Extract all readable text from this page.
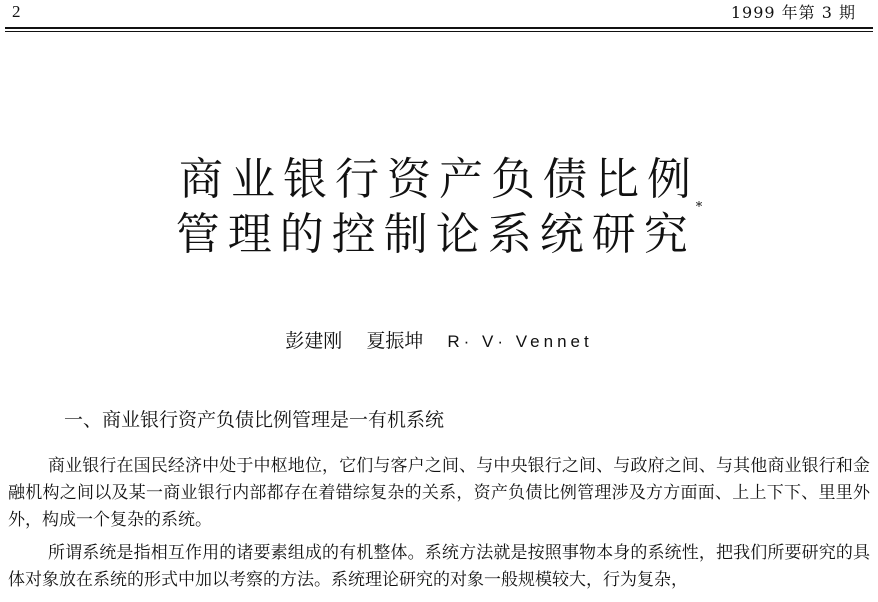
2	1999 年第 3 期
商业银行资产负债比例
管理的控制论系统研究*
彭建刚 夏振坤 R· V· Vennet
一、商业银行资产负债比例管理是一有机系统

商业银行在国民经济中处于中枢地位，它们与客户之间、与中央银行之间、与政府之间、与其他商业银行和金融机构之间以及某一商业银行内部都存在着错综复杂的关系，资产负债比例管理涉及方方面面、上上下下、里里外外，构成一个复杂的系统。

所谓系统是指相互作用的诸要素组成的有机整体。系统方法就是按照事物本身的系统性，把我们所要研究的具体对象放在系统的形式中加以考察的方法。系统理论研究的对象一般规模较大，行为复杂，
